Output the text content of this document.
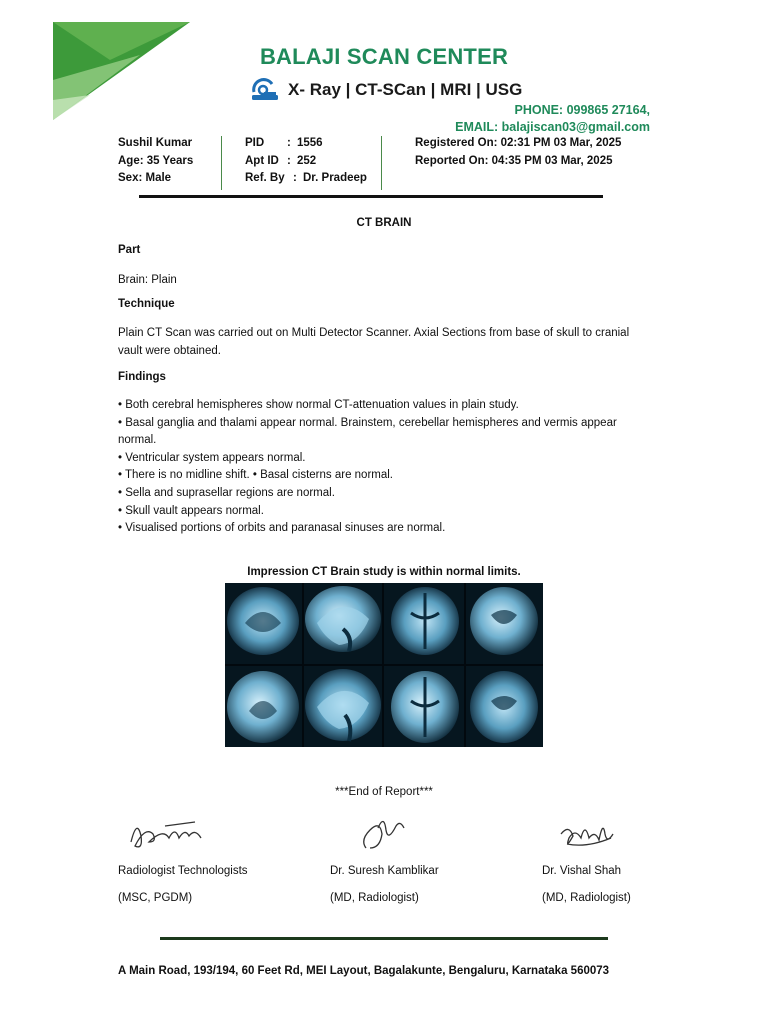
BALAJI SCAN CENTER
X- Ray | CT-SCan | MRI | USG
PHONE: 099865 27164,
EMAIL: balajiscan03@gmail.com
Sushil Kumar
Age: 35 Years
Sex: Male
PID	: 1556
Apt ID : 252
Ref. By : Dr. Pradeep
Registered On: 02:31 PM 03 Mar, 2025
Reported On: 04:35 PM 03 Mar, 2025
CT BRAIN
Part
Brain: Plain
Technique
Plain CT Scan was carried out on Multi Detector Scanner. Axial Sections from base of skull to cranial vault were obtained.
Findings
• Both cerebral hemispheres show normal CT-attenuation values in plain study.
• Basal ganglia and thalami appear normal. Brainstem, cerebellar hemispheres and vermis appear normal.
• Ventricular system appears normal.
• There is no midline shift. • Basal cisterns are normal.
• Sella and suprasellar regions are normal.
• Skull vault appears normal.
• Visualised portions of orbits and paranasal sinuses are normal.
Impression CT Brain study is within normal limits.
***End of Report***
Radiologist Technologists
(MSC, PGDM)
Dr. Suresh Kamblikar
(MD, Radiologist)
Dr. Vishal Shah
(MD, Radiologist)
A Main Road, 193/194, 60 Feet Rd, MEI Layout, Bagalakunte, Bengaluru, Karnataka 560073
